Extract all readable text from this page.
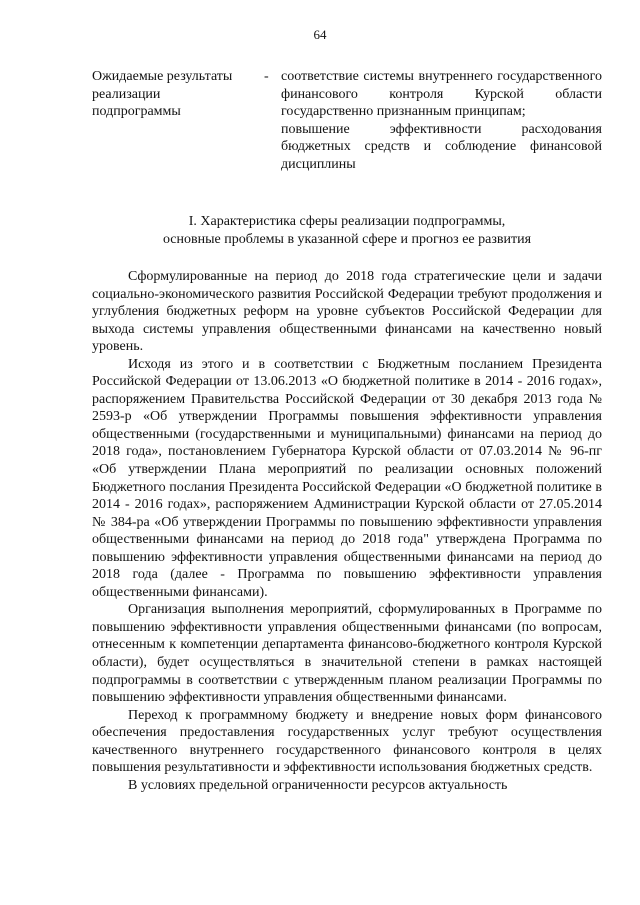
64
Ожидаемые результаты
реализации
подпрограммы
- соответствие системы внутреннего государственного финансового контроля Курской области государственно признанным принципам;

повышение эффективности расходования бюджетных средств и соблюдение финансовой дисциплины

I. Характеристика сферы реализации подпрограммы,
основные проблемы в указанной сфере и прогноз ее развития

Сформулированные на период до 2018 года стратегические цели и задачи социально-экономического развития Российской Федерации требуют продолжения и углубления бюджетных реформ на уровне субъектов Российской Федерации для выхода системы управления общественными финансами на качественно новый уровень.

Исходя из этого и в соответствии с Бюджетным посланием Президента Российской Федерации от 13.06.2013 «О бюджетной политике в 2014 - 2016 годах», распоряжением Правительства Российской Федерации от 30 декабря 2013 года № 2593-р «Об утверждении Программы повышения эффективности управления общественными (государственными и муниципальными) финансами на период до 2018 года», постановлением Губернатора Курской области от 07.03.2014 № 96-пг «Об утверждении Плана мероприятий по реализации основных положений Бюджетного послания Президента Российской Федерации «О бюджетной политике в 2014 - 2016 годах», распоряжением Администрации Курской области от 27.05.2014 № 384-ра «Об утверждении Программы по повышению эффективности управления общественными финансами на период до 2018 года" утверждена Программа по повышению эффективности управления общественными финансами на период до 2018 года (далее - Программа по повышению эффективности управления общественными финансами).

Организация выполнения мероприятий, сформулированных в Программе по повышению эффективности управления общественными финансами (по вопросам, отнесенным к компетенции департамента финансово-бюджетного контроля Курской области), будет осуществляться в значительной степени в рамках настоящей подпрограммы в соответствии с утвержденным планом реализации Программы по повышению эффективности управления общественными финансами.

Переход к программному бюджету и внедрение новых форм финансового обеспечения предоставления государственных услуг требуют осуществления качественного внутреннего государственного финансового контроля в целях повышения результативности и эффективности использования бюджетных средств.

В условиях предельной ограниченности ресурсов актуальность
